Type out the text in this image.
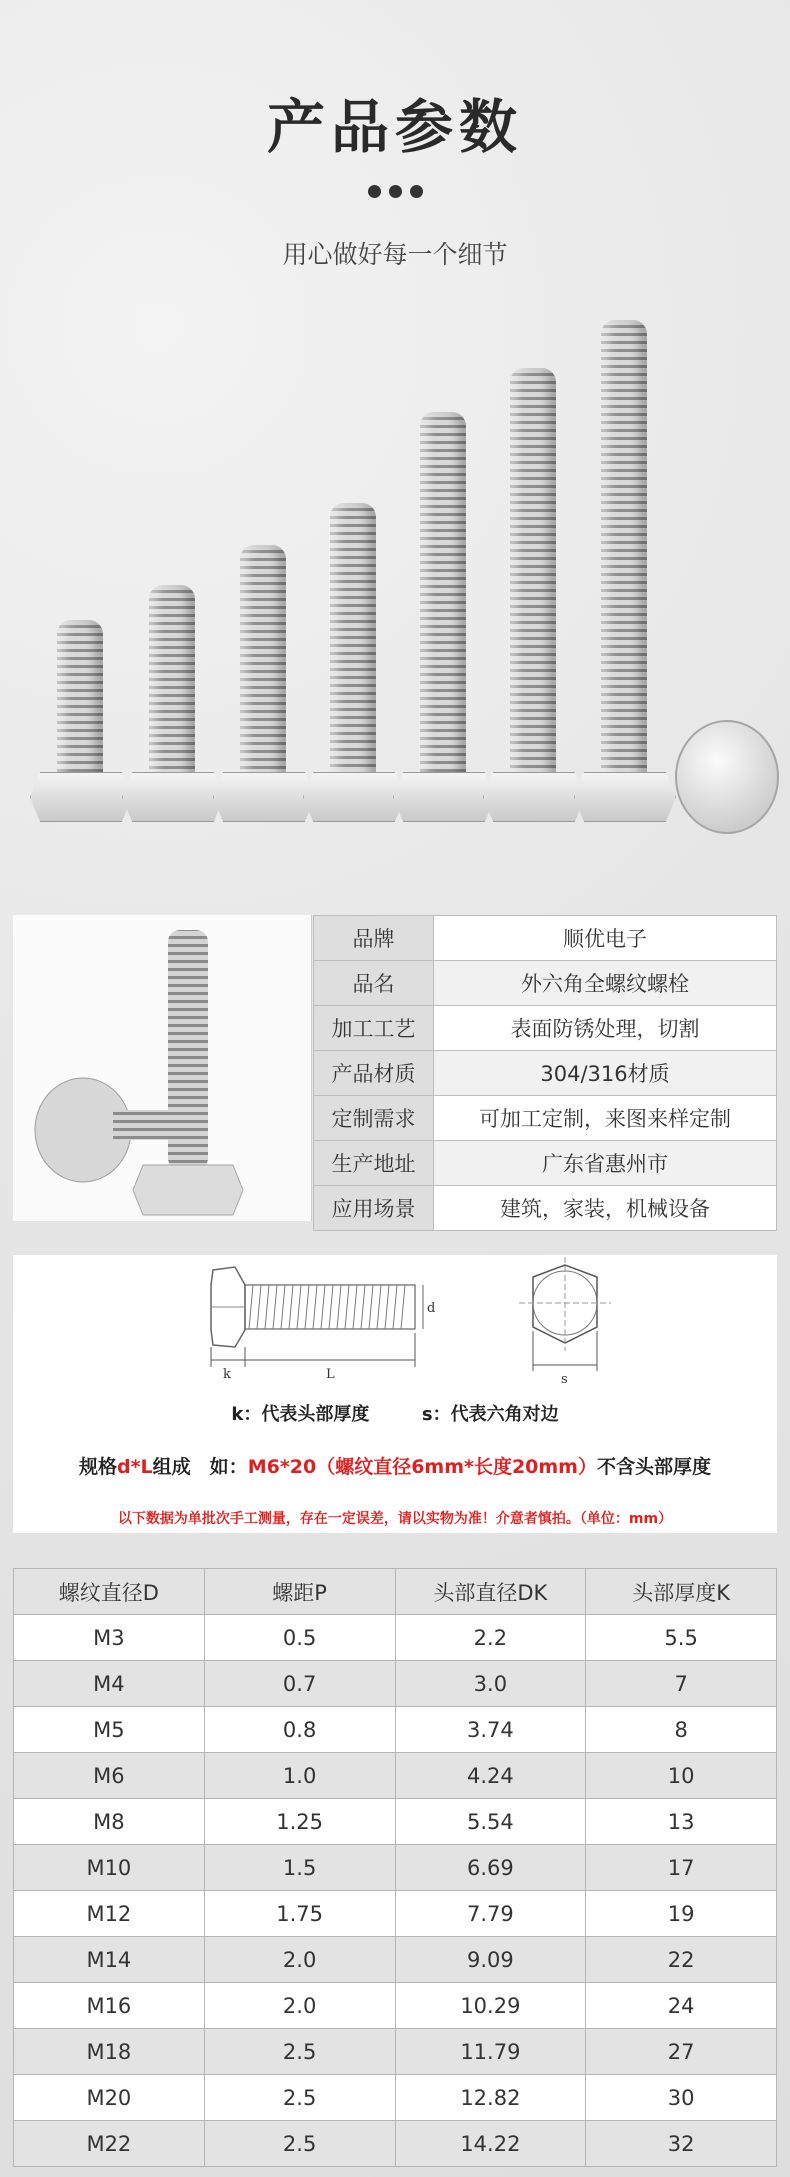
产品参数
用心做好每一个细节
品牌	顺优电子
品名	外六角全螺纹螺栓
加工工艺	表面防锈处理，切割
产品材质	304/316材质
定制需求	可加工定制，来图来样定制
生产地址	广东省惠州市
应用场景	建筑，家装，机械设备
k	L
d
s
k：代表头部厚度	s：代表六角对边
规格d*L组成　如：M6*20（螺纹直径6mm*长度20mm）不含头部厚度
以下数据为单批次手工测量，存在一定误差，请以实物为准！介意者慎拍。（单位：mm）
螺纹直径D	螺距P	头部直径DK	头部厚度K
M3	0.5	2.2	5.5
M4	0.7	3.0	7
M5	0.8	3.74	8
M6	1.0	4.24	10
M8	1.25	5.54	13
M10	1.5	6.69	17
M12	1.75	7.79	19
M14	2.0	9.09	22
M16	2.0	10.29	24
M18	2.5	11.79	27
M20	2.5	12.82	30
M22	2.5	14.22	32
